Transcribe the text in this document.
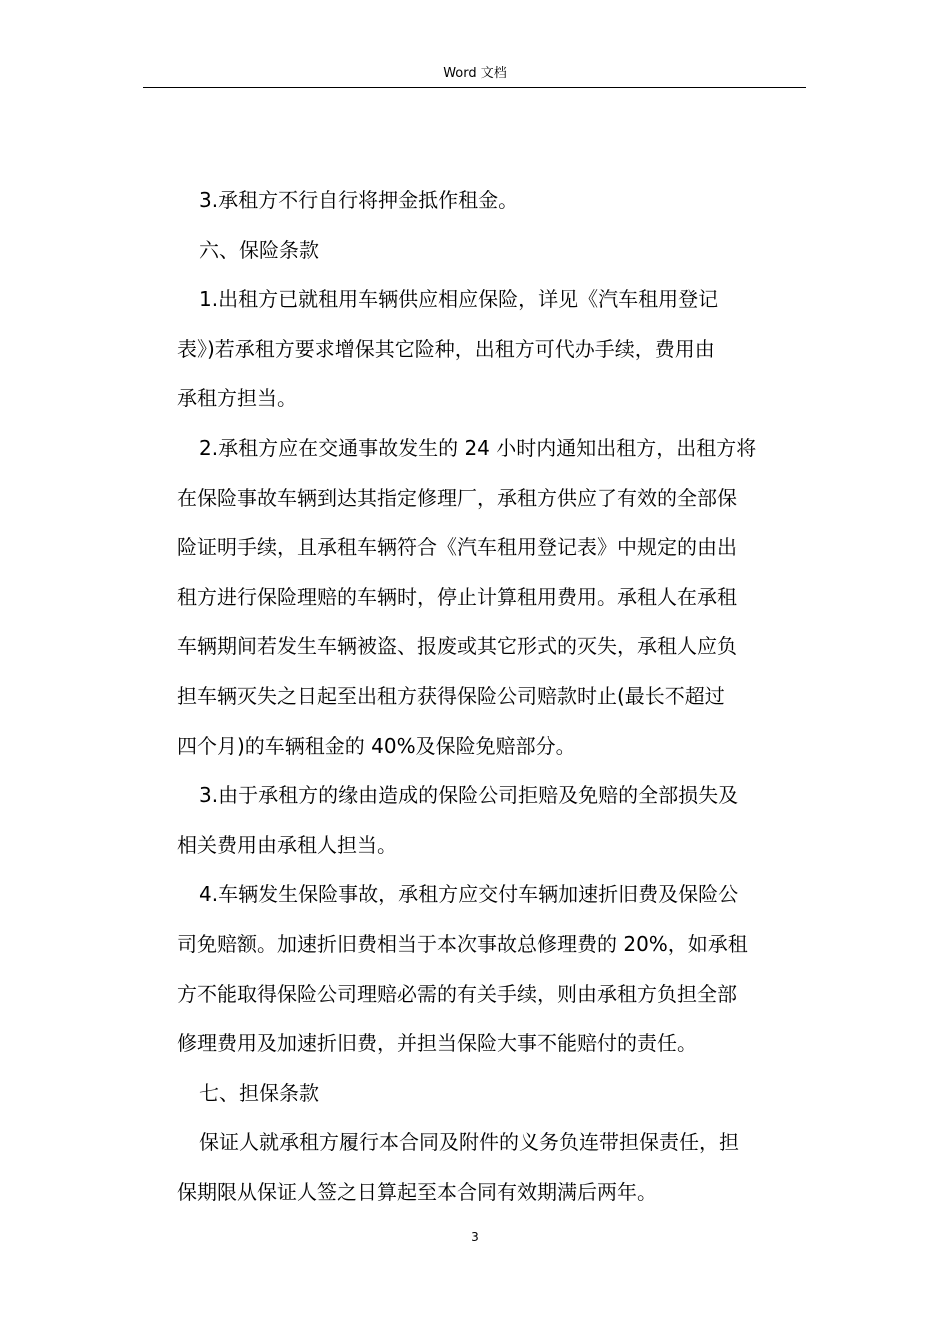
Word 文档

3.承租方不行自行将押金抵作租金。

六、保险条款

1.出租方已就租用车辆供应相应保险，详见《汽车租用登记
表》)若承租方要求增保其它险种，出租方可代办手续，费用由
承租方担当。

2.承租方应在交通事故发生的 24 小时内通知出租方，出租方将
在保险事故车辆到达其指定修理厂，承租方供应了有效的全部保
险证明手续，且承租车辆符合《汽车租用登记表》中规定的由出
租方进行保险理赔的车辆时，停止计算租用费用。承租人在承租
车辆期间若发生车辆被盗、报废或其它形式的灭失，承租人应负
担车辆灭失之日起至出租方获得保险公司赔款时止(最长不超过
四个月)的车辆租金的 40%及保险免赔部分。

3.由于承租方的缘由造成的保险公司拒赔及免赔的全部损失及
相关费用由承租人担当。

4.车辆发生保险事故，承租方应交付车辆加速折旧费及保险公
司免赔额。加速折旧费相当于本次事故总修理费的 20%，如承租
方不能取得保险公司理赔必需的有关手续，则由承租方负担全部
修理费用及加速折旧费，并担当保险大事不能赔付的责任。

七、担保条款

保证人就承租方履行本合同及附件的义务负连带担保责任，担
保期限从保证人签之日算起至本合同有效期满后两年。

3
